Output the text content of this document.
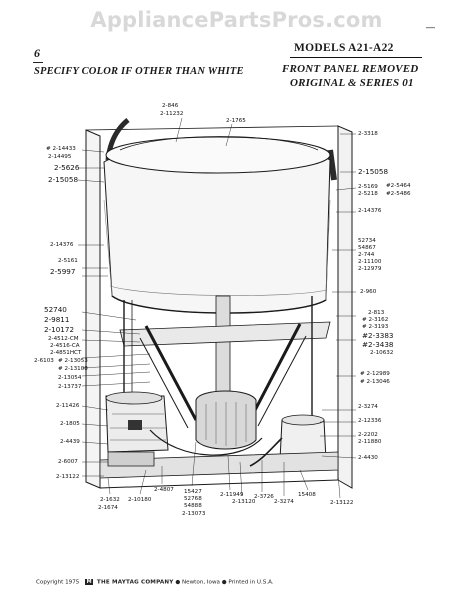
AppliancePartsPros.com
6
SPECIFY COLOR IF OTHER THAN WHITE
—
MODELS A21-A22
FRONT PANEL REMOVED
ORIGINAL & SERIES 01
2-846
2-11232
2-1765
2-3318
# 2-14433
2-14495
2-5626
2-15058
2-15058
2-5169
2-5218
#2-5464
#2-5486
2-14376
2-14376
52734
54867
2-744
2-11100
2-12979
2-5161
2-5997
2-960
52740
2-9811
2-10172
2-4512-CM
2-4516-CA
2-4851HCT
2-6103 # 2-13053
# 2-13100
2-13054
2-13737
2-813
# 2-3162
# 2-3193
#2-3383
#2-3438
2-10632
# 2-12989
# 2-13046
2-11426
2-1805
2-4439
2-6007
2-13122
2-3274
2-12336
2-2202
2-11880
2-4430
2-1632
2-1674
2-10180
2-4807 15427
52768
54888
2-13073
2-11949
2-13120
2-3726
2-3274
15408
2-13122
Copyright 1975 M THE MAYTAG COMPANY ● Newton, Iowa ● Printed in U.S.A.
